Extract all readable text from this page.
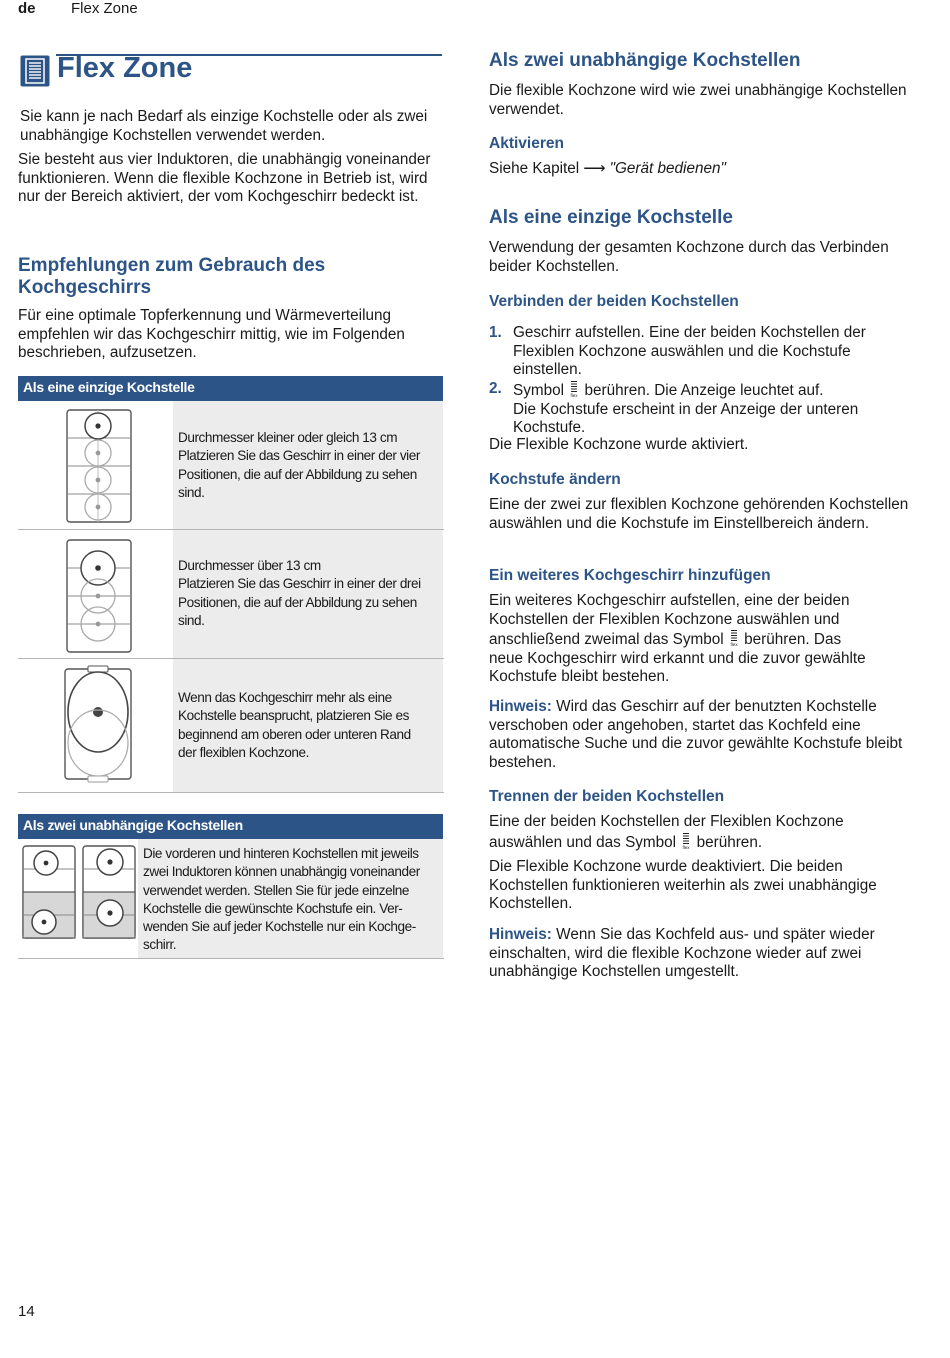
de Flex Zone
Flex Zone

Sie kann je nach Bedarf als einzige Kochstelle oder als zwei unabhängige Kochstellen verwendet werden.

Sie besteht aus vier Induktoren, die unabhängig voneinander funktionieren. Wenn die flexible Kochzone in Betrieb ist, wird nur der Bereich aktiviert, der vom Kochgeschirr bedeckt ist.

Empfehlungen zum Gebrauch des
Kochgeschirrs

Für eine optimale Topferkennung und Wärmeverteilung empfehlen wir das Kochgeschirr mittig, wie im Folgenden beschrieben, aufzusetzen.

Als eine einzige Kochstelle
Durchmesser kleiner oder gleich 13 cm
Platzieren Sie das Geschirr in einer der vier
Positionen, die auf der Abbildung zu sehen
sind.
Durchmesser über 13 cm
Platzieren Sie das Geschirr in einer der drei
Positionen, die auf der Abbildung zu sehen
sind.
Wenn das Kochgeschirr mehr als eine
Kochstelle beansprucht, platzieren Sie es
beginnend am oberen oder unteren Rand
der flexiblen Kochzone.
Als zwei unabhängige Kochstellen
Die vorderen und hinteren Kochstellen mit jeweils
zwei Induktoren können unabhängig voneinander
verwendet werden. Stellen Sie für jede einzelne
Kochstelle die gewünschte Kochstufe ein. Ver-
wenden Sie auf jeder Kochstelle nur ein Kochge-
schirr.
Als zwei unabhängige Kochstellen

Die flexible Kochzone wird wie zwei unabhängige Kochstellen verwendet.

Aktivieren

Siehe Kapitel ⟶ "Gerät bedienen"

Als eine einzige Kochstelle

Verwendung der gesamten Kochzone durch das Verbinden beider Kochstellen.

Verbinden der beiden Kochstellen
1. Geschirr aufstellen. Eine der beiden Kochstellen der Flexiblen Kochzone auswählen und die Kochstufe einstellen.

2. Symbol flex berühren. Die Anzeige leuchtet auf.

Die Kochstufe erscheint in der Anzeige der unteren Kochstufe.

Die Flexible Kochzone wurde aktiviert.

Kochstufe ändern

Eine der zwei zur flexiblen Kochzone gehörenden Kochstellen auswählen und die Kochstufe im Einstellbereich ändern.

Ein weiteres Kochgeschirr hinzufügen
Ein weiteres Kochgeschirr aufstellen, eine der beiden
Kochstellen der Flexiblen Kochzone auswählen und
anschließend zweimal das Symbol flex berühren. Das
neue Kochgeschirr wird erkannt und die zuvor gewählte
Kochstufe bleibt bestehen.

Hinweis: Wird das Geschirr auf der benutzten Kochstelle verschoben oder angehoben, startet das Kochfeld eine automatische Suche und die zuvor gewählte Kochstufe bleibt bestehen.

Trennen der beiden Kochstellen
Eine der beiden Kochstellen der Flexiblen Kochzone
auswählen und das Symbol flex berühren.

Die Flexible Kochzone wurde deaktiviert. Die beiden Kochstellen funktionieren weiterhin als zwei unabhängige Kochstellen.

Hinweis: Wenn Sie das Kochfeld aus- und später wieder einschalten, wird die flexible Kochzone wieder auf zwei unabhängige Kochstellen umgestellt.

14
